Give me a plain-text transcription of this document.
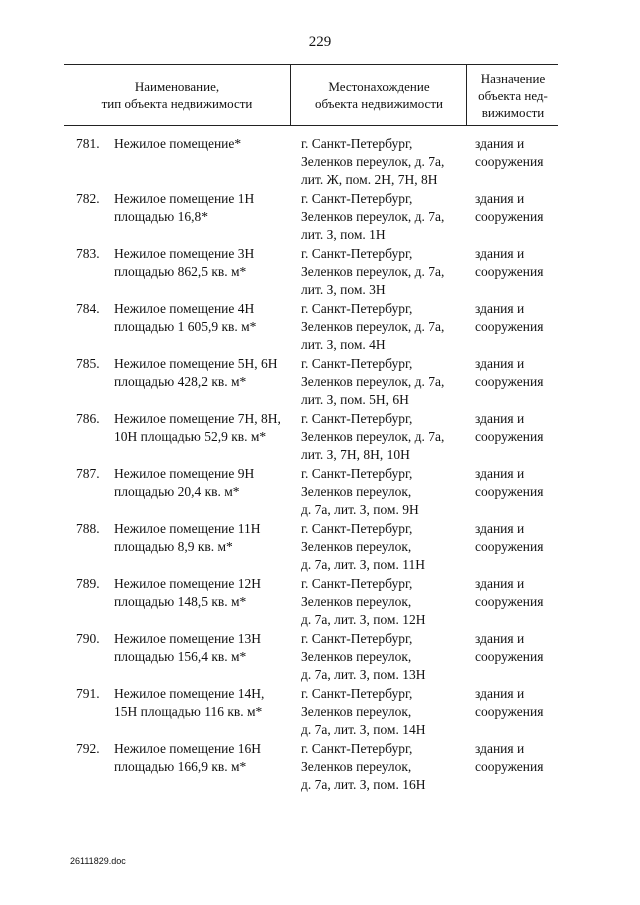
229
Наименование,
тип объекта недвижимости
Местонахождение
объекта недвижимости
Назначение
объекта нед-
вижимости
781. Нежилое помещение*	г. Санкт-Петербург,
Зеленков переулок, д. 7а,
лит. Ж, пом. 2Н, 7Н, 8Н
здания и
сооружения
782. Нежилое помещение 1Н
площадью 16,8*
г. Санкт-Петербург,
Зеленков переулок, д. 7а,
лит. З, пом. 1Н
здания и
сооружения
783. Нежилое помещение 3Н
площадью 862,5 кв. м*
г. Санкт-Петербург,
Зеленков переулок, д. 7а,
лит. З, пом. 3Н
здания и
сооружения
784. Нежилое помещение 4Н
площадью 1 605,9 кв. м*
г. Санкт-Петербург,
Зеленков переулок, д. 7а,
лит. З, пом. 4Н
здания и
сооружения
785. Нежилое помещение 5Н, 6Н
площадью 428,2 кв. м*
г. Санкт-Петербург,
Зеленков переулок, д. 7а,
лит. З, пом. 5Н, 6Н
здания и
сооружения
786. Нежилое помещение 7Н, 8Н,
10Н площадью 52,9 кв. м*
г. Санкт-Петербург,
Зеленков переулок, д. 7а,
лит. З, 7Н, 8Н, 10Н
здания и
сооружения
787. Нежилое помещение 9Н
площадью 20,4 кв. м*
г. Санкт-Петербург,
Зеленков переулок,
д. 7а, лит. З, пом. 9Н
здания и
сооружения
788. Нежилое помещение 11Н
площадью 8,9 кв. м*
г. Санкт-Петербург,
Зеленков переулок,
д. 7а, лит. З, пом. 11Н
здания и
сооружения
789. Нежилое помещение 12Н
площадью 148,5 кв. м*
г. Санкт-Петербург,
Зеленков переулок,
д. 7а, лит. З, пом. 12Н
здания и
сооружения
790. Нежилое помещение 13Н
площадью 156,4 кв. м*
г. Санкт-Петербург,
Зеленков переулок,
д. 7а, лит. З, пом. 13Н
здания и
сооружения
791. Нежилое помещение 14Н,
15Н площадью 116 кв. м*
г. Санкт-Петербург,
Зеленков переулок,
д. 7а, лит. З, пом. 14Н
здания и
сооружения
792. Нежилое помещение 16Н
площадью 166,9 кв. м*
г. Санкт-Петербург,
Зеленков переулок,
д. 7а, лит. З, пом. 16Н
здания и
сооружения
26111829.doc
